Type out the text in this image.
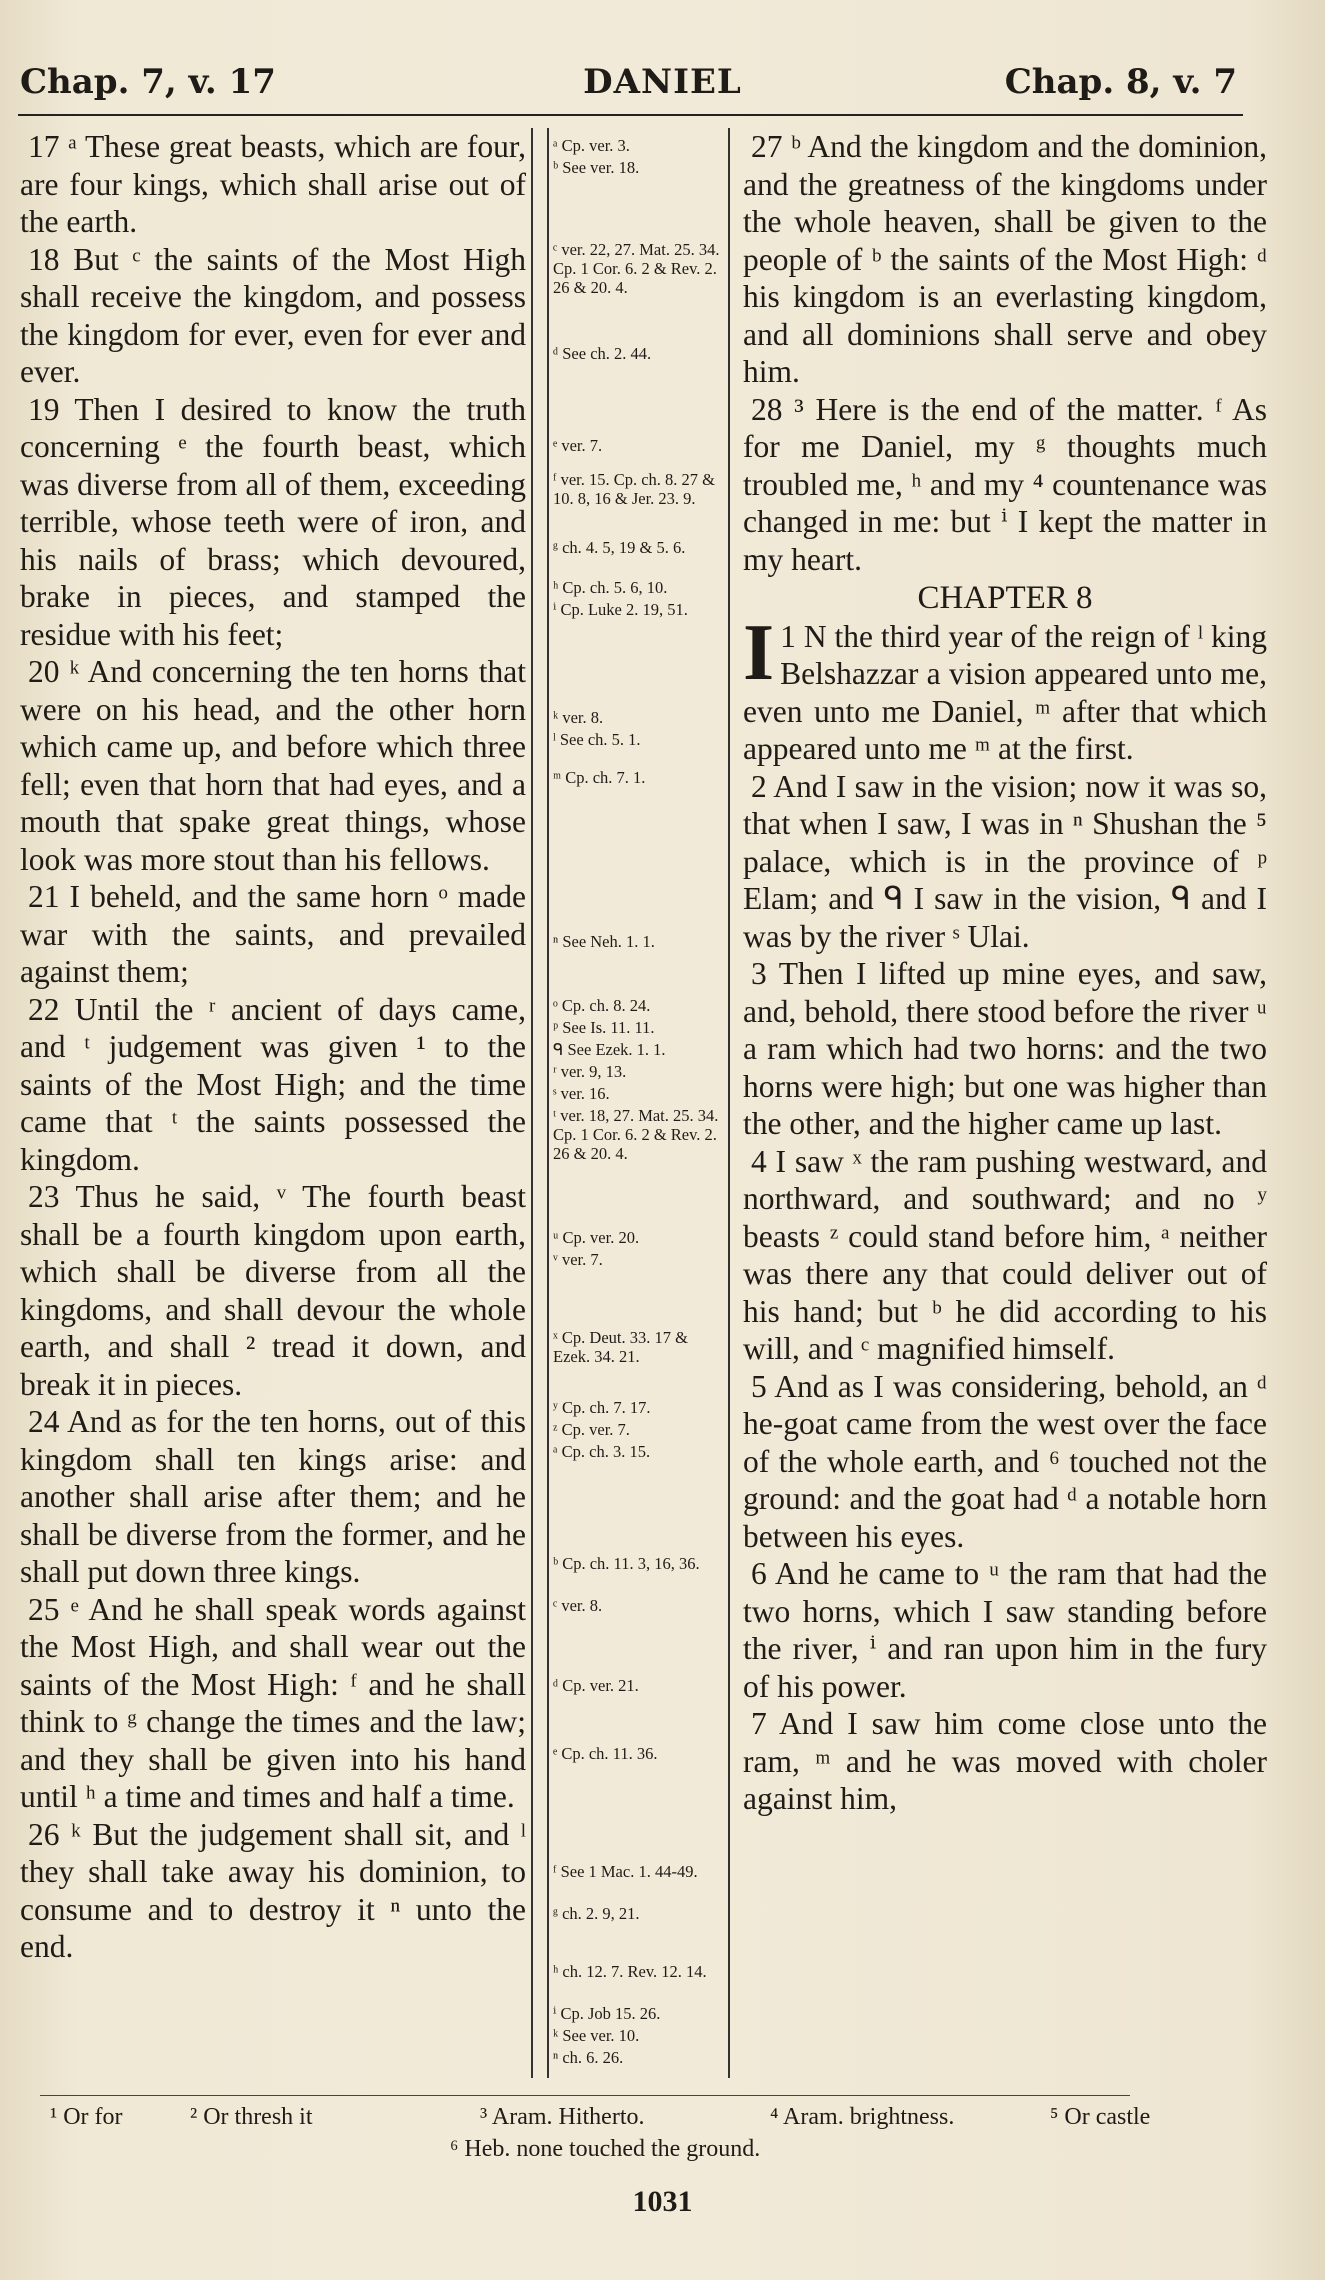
Chap. 7, v. 17	DANIEL	Chap. 8, v. 7

17 ᵃ These great beasts, which are four, are four kings, which shall arise out of the earth.

18 But ᶜ the saints of the Most High shall receive the kingdom, and possess the kingdom for ever, even for ever and ever.

19 Then I desired to know the truth concerning ᵉ the fourth beast, which was diverse from all of them, exceeding terrible, whose teeth were of iron, and his nails of brass; which devoured, brake in pieces, and stamped the residue with his feet;

20 ᵏ And concerning the ten horns that were on his head, and the other horn which came up, and before which three fell; even that horn that had eyes, and a mouth that spake great things, whose look was more stout than his fellows.

21 I beheld, and the same horn ᵒ made war with the saints, and prevailed against them;

22 Until the ʳ ancient of days came, and ᵗ judgement was given ¹ to the saints of the Most High; and the time came that ᵗ the saints possessed the kingdom.

23 Thus he said, ᵛ The fourth beast shall be a fourth kingdom upon earth, which shall be diverse from all the kingdoms, and shall devour the whole earth, and shall ² tread it down, and break it in pieces.

24 And as for the ten horns, out of this kingdom shall ten kings arise: and another shall arise after them; and he shall be diverse from the former, and he shall put down three kings.

25 ᵉ And he shall speak words against the Most High, and shall wear out the saints of the Most High: ᶠ and he shall think to ᵍ change the times and the law; and they shall be given into his hand until ʰ a time and times and half a time.

26 ᵏ But the judgement shall sit, and ˡ they shall take away his dominion, to consume and to destroy it ⁿ unto the end.

ᵃ Cp. ver. 3.
ᵇ See ver. 18.
ᶜ ver. 22, 27. Mat. 25. 34. Cp. 1 Cor. 6. 2 & Rev. 2. 26 & 20. 4.
ᵈ See ch. 2. 44.
ᵉ ver. 7.
ᶠ ver. 15. Cp. ch. 8. 27 & 10. 8, 16 & Jer. 23. 9.
ᵍ ch. 4. 5, 19 & 5. 6.
ʰ Cp. ch. 5. 6, 10.
ⁱ Cp. Luke 2. 19, 51.
ᵏ ver. 8.
ˡ See ch. 5. 1.
ᵐ Cp. ch. 7. 1.
ⁿ See Neh. 1. 1.
ᵒ Cp. ch. 8. 24.
ᵖ See Is. 11. 11.
ᑫ See Ezek. 1. 1.
ʳ ver. 9, 13.
ˢ ver. 16.
ᵗ ver. 18, 27. Mat. 25. 34. Cp. 1 Cor. 6. 2 & Rev. 2. 26 & 20. 4.
ᵘ Cp. ver. 20.
ᵛ ver. 7.
ˣ Cp. Deut. 33. 17 & Ezek. 34. 21.
ʸ Cp. ch. 7. 17.
ᶻ Cp. ver. 7.
ᵃ Cp. ch. 3. 15.
ᵇ Cp. ch. 11. 3, 16, 36.
ᶜ ver. 8.
ᵈ Cp. ver. 21.
ᵉ Cp. ch. 11. 36.
ᶠ See 1 Mac. 1. 44-49.
ᵍ ch. 2. 9, 21.
ʰ ch. 12. 7. Rev. 12. 14.
ⁱ Cp. Job 15. 26.
ᵏ See ver. 10.
ⁿ ch. 6. 26.

27 ᵇ And the kingdom and the dominion, and the greatness of the kingdoms under the whole heaven, shall be given to the people of ᵇ the saints of the Most High: ᵈ his kingdom is an everlasting kingdom, and all dominions shall serve and obey him.

28 ³ Here is the end of the matter. ᶠ As for me Daniel, my ᵍ thoughts much troubled me, ʰ and my ⁴ countenance was changed in me: but ⁱ I kept the matter in my heart.

CHAPTER 8

1
I N the third year of the reign of ˡ king Belshazzar a vision appeared unto me, even unto me Daniel, ᵐ after that which appeared unto me ᵐ at the first.

2 And I saw in the vision; now it was so, that when I saw, I was in ⁿ Shushan the ⁵ palace, which is in the province of ᵖ Elam; and ᑫ I saw in the vision, ᑫ and I was by the river ˢ Ulai.

3 Then I lifted up mine eyes, and saw, and, behold, there stood before the river ᵘ a ram which had two horns: and the two horns were high; but one was higher than the other, and the higher came up last.

4 I saw ˣ the ram pushing westward, and northward, and southward; and no ʸ beasts ᶻ could stand before him, ᵃ neither was there any that could deliver out of his hand; but ᵇ he did according to his will, and ᶜ magnified himself.

5 And as I was considering, behold, an ᵈ he-goat came from the west over the face of the whole earth, and ⁶ touched not the ground: and the goat had ᵈ a notable horn between his eyes.

6 And he came to ᵘ the ram that had the two horns, which I saw standing before the river, ⁱ and ran upon him in the fury of his power.

7 And I saw him come close unto the ram, ᵐ and he was moved with choler against him,

¹ Or for	² Or thresh it	³ Aram. Hitherto.	⁴ Aram. brightness.	⁵ Or castle
⁶ Heb. none touched the ground.
1031
